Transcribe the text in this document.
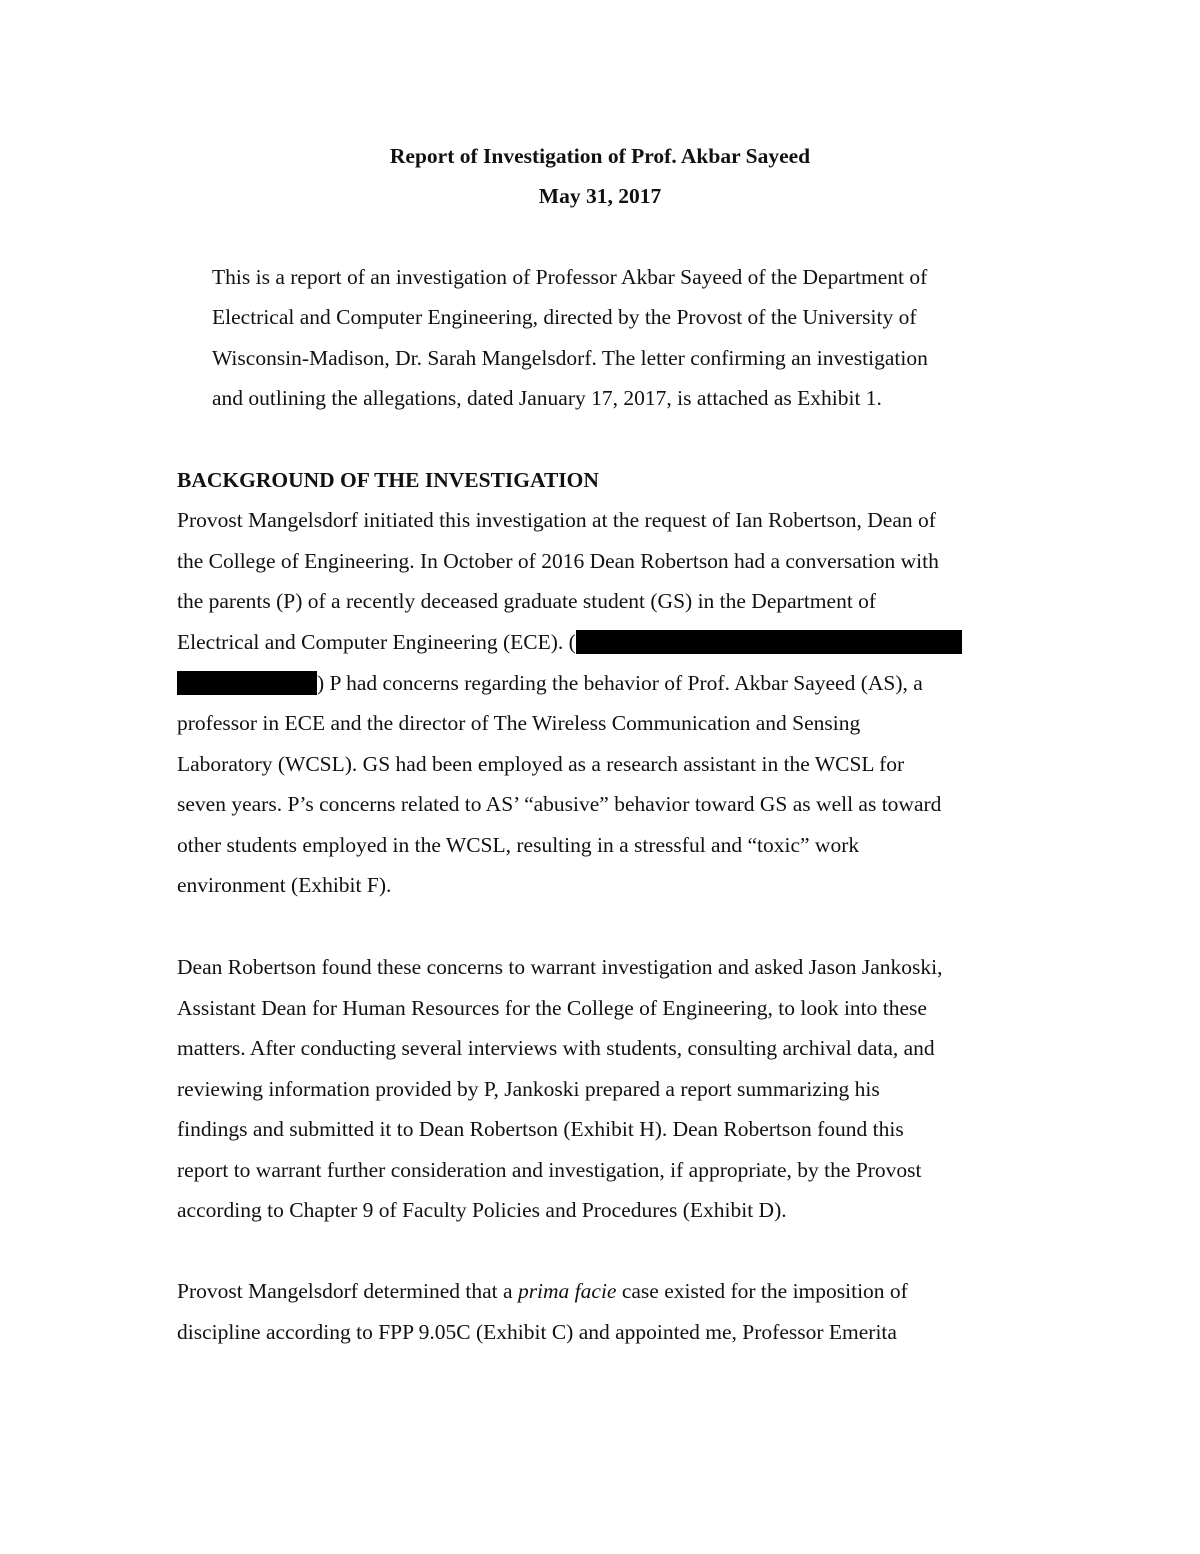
Report of Investigation of Prof. Akbar Sayeed
May 31, 2017
This is a report of an investigation of Professor Akbar Sayeed of the Department of
Electrical and Computer Engineering, directed by the Provost of the University of
Wisconsin-Madison, Dr. Sarah Mangelsdorf. The letter confirming an investigation
and outlining the allegations, dated January 17, 2017, is attached as Exhibit 1.
BACKGROUND OF THE INVESTIGATION
Provost Mangelsdorf initiated this investigation at the request of Ian Robertson, Dean of
the College of Engineering. In October of 2016 Dean Robertson had a conversation with
the parents (P) of a recently deceased graduate student (GS) in the Department of
Electrical and Computer Engineering (ECE). (
) P had concerns regarding the behavior of Prof. Akbar Sayeed (AS), a
professor in ECE and the director of The Wireless Communication and Sensing
Laboratory (WCSL). GS had been employed as a research assistant in the WCSL for
seven years. P’s concerns related to AS’ “abusive” behavior toward GS as well as toward
other students employed in the WCSL, resulting in a stressful and “toxic” work
environment (Exhibit F).
Dean Robertson found these concerns to warrant investigation and asked Jason Jankoski,
Assistant Dean for Human Resources for the College of Engineering, to look into these
matters. After conducting several interviews with students, consulting archival data, and
reviewing information provided by P, Jankoski prepared a report summarizing his
findings and submitted it to Dean Robertson (Exhibit H). Dean Robertson found this
report to warrant further consideration and investigation, if appropriate, by the Provost
according to Chapter 9 of Faculty Policies and Procedures (Exhibit D).
Provost Mangelsdorf determined that a prima facie case existed for the imposition of
discipline according to FPP 9.05C (Exhibit C) and appointed me, Professor Emerita
